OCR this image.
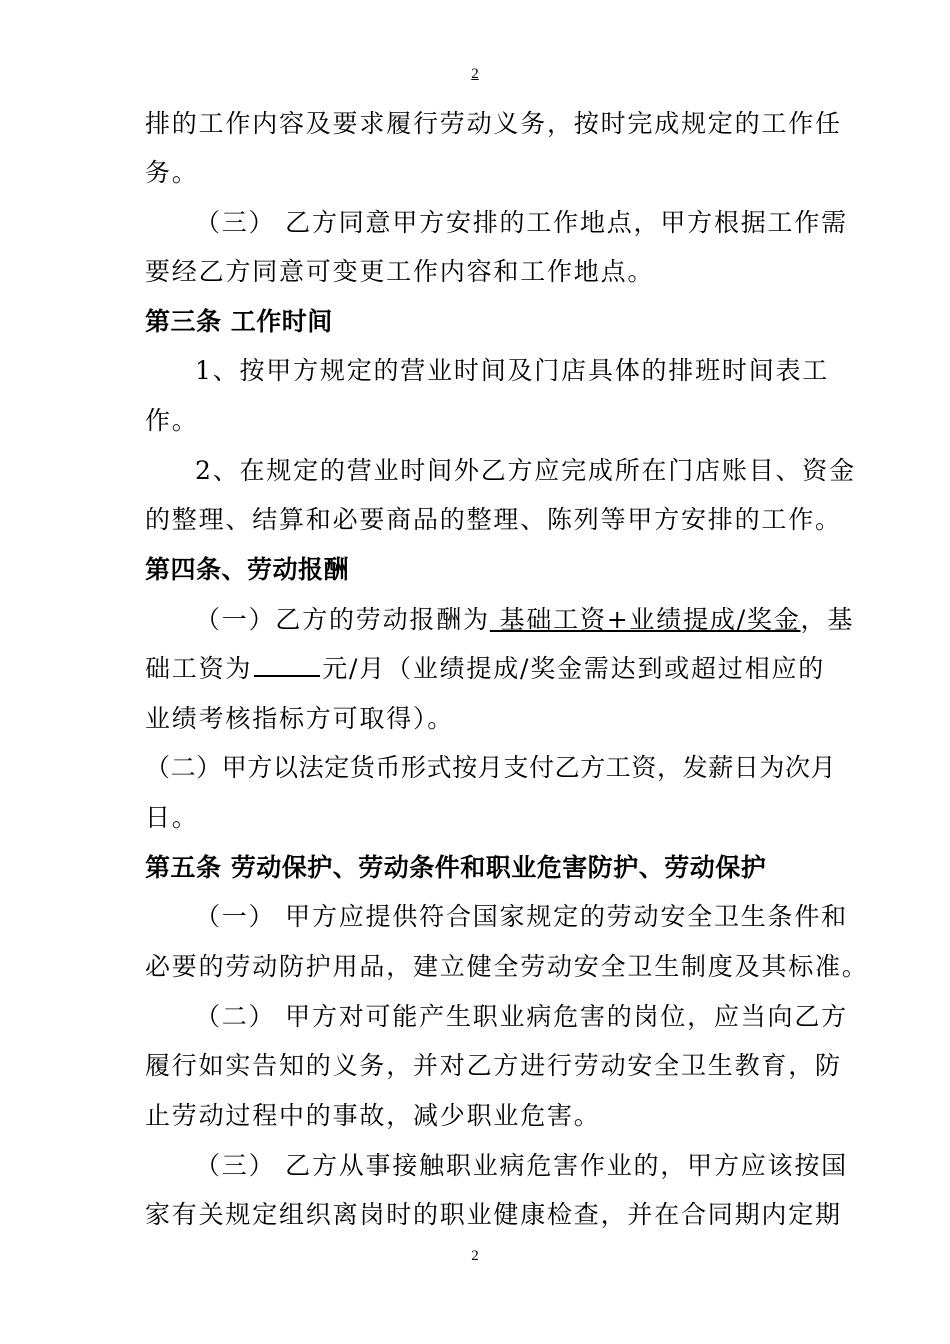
2
排的工作内容及要求履行劳动义务，按时完成规定的工作任
务。
（三） 乙方同意甲方安排的工作地点，甲方根据工作需
要经乙方同意可变更工作内容和工作地点。
第三条 工作时间
1、按甲方规定的营业时间及门店具体的排班时间表工
作。
2、在规定的营业时间外乙方应完成所在门店账目、资金
的整理、结算和必要商品的整理、陈列等甲方安排的工作。
第四条、劳动报酬
（一）乙方的劳动报酬为 基础工资+业绩提成/奖金，基
础工资为	元/月（业绩提成/奖金需达到或超过相应的
业绩考核指标方可取得）。
（二）甲方以法定货币形式按月支付乙方工资，发薪日为次月
日。
第五条 劳动保护、劳动条件和职业危害防护、劳动保护
（一） 甲方应提供符合国家规定的劳动安全卫生条件和
必要的劳动防护用品，建立健全劳动安全卫生制度及其标准。
（二） 甲方对可能产生职业病危害的岗位，应当向乙方
履行如实告知的义务，并对乙方进行劳动安全卫生教育，防
止劳动过程中的事故，减少职业危害。
（三） 乙方从事接触职业病危害作业的，甲方应该按国
家有关规定组织离岗时的职业健康检查，并在合同期内定期
2
